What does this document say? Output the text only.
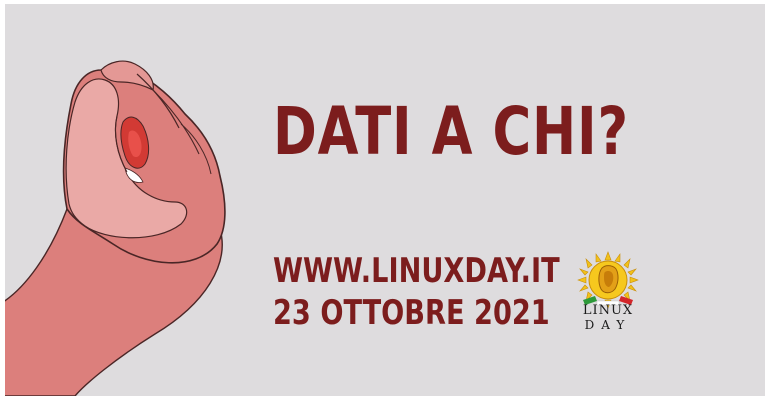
DATI A CHI?

WWW.LINUXDAY.IT

23 OTTOBRE 2021	LINUX
DAY
